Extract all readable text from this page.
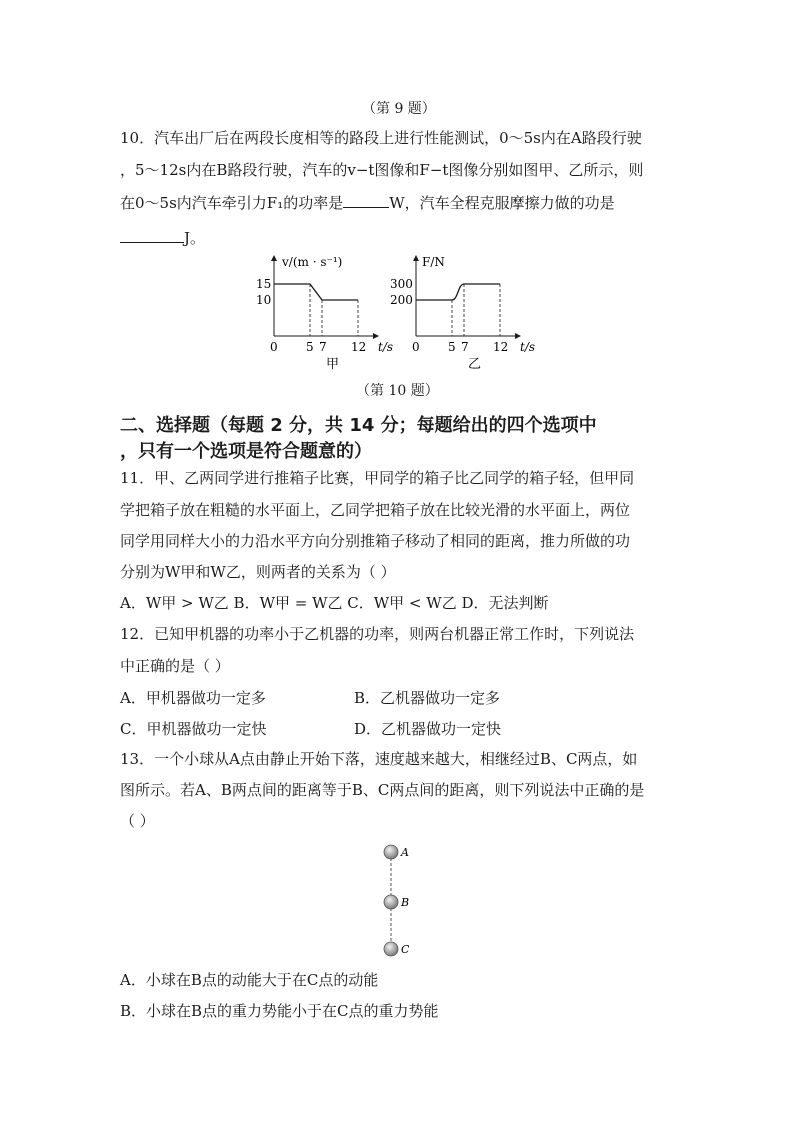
（第 9 题）
10．汽车出厂后在两段长度相等的路段上进行性能测试，0～5s内在A路段行驶
，5～12s内在B路段行驶，汽车的v−t图像和F−t图像分别如图甲、乙所示，则
在0～5s内汽车牵引力F₁的功率是	W，汽车全程克服摩擦力做的功是
J。
v/(m · s⁻¹)
15
10
0 5 7 12 t/s
甲
F/N
300
200
0 5 7 12 t/s
乙
（第 10 题）
二、选择题（每题 2 分，共 14 分；每题给出的四个选项中
，只有一个选项是符合题意的）
11．甲、乙两同学进行推箱子比赛，甲同学的箱子比乙同学的箱子轻，但甲同
学把箱子放在粗糙的水平面上，乙同学把箱子放在比较光滑的水平面上，两位
同学用同样大小的力沿水平方向分别推箱子移动了相同的距离，推力所做的功
分别为W甲和W乙，则两者的关系为（ ）
A．W甲 > W乙 B．W甲 = W乙 C．W甲 < W乙 D．无法判断
12．已知甲机器的功率小于乙机器的功率，则两台机器正常工作时，下列说法
中正确的是（ ）
A．甲机器做功一定多	B．乙机器做功一定多
C．甲机器做功一定快	D．乙机器做功一定快
13．一个小球从A点由静止开始下落，速度越来越大，相继经过B、C两点，如
图所示。若A、B两点间的距离等于B、C两点间的距离，则下列说法中正确的是
（ ）
A
B
C
A．小球在B点的动能大于在C点的动能
B．小球在B点的重力势能小于在C点的重力势能
